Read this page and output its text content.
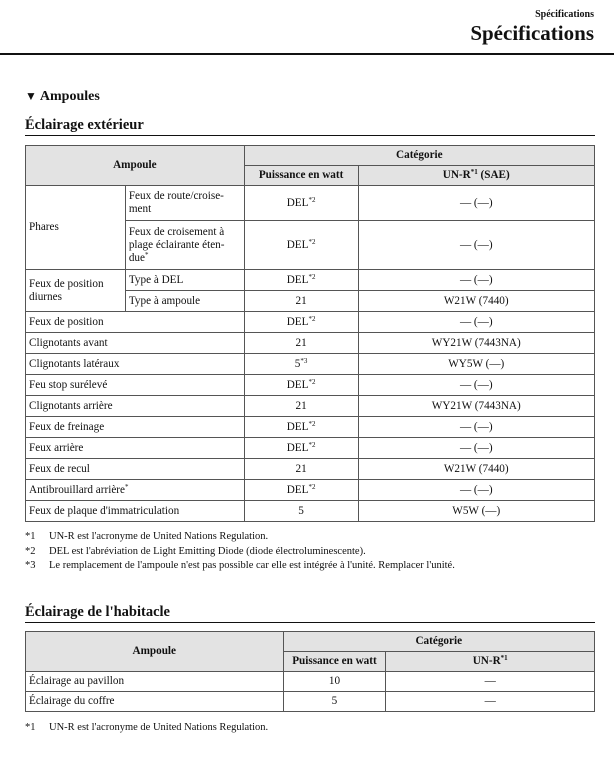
Spécifications
Spécifications
▼ Ampoules
Éclairage extérieur
Ampoule		Catégorie	
		Puissance en watt	$UN-R^{*1}$ (SAE)
Phares	Feux de route/croise-ment	DEL$^{*2}$	— (—)
	Feux de croisement à plage éclairante éten-due*	DEL$^{*2}$	— (—)
Feux de position diurnes	Type à DEL	DEL$^{*2}$	— (—)
	Type à ampoule	21	W21W (7440)
Feux de position		DEL$^{*2}$	— (—)
Clignotants avant		21	WY21W (7443NA)
Clignotants latéraux		5$^{*3}$	WY5W (—)
Feu stop surélevé		DEL$^{*2}$	— (—)
Clignotants arrière		21	WY21W (7443NA)
Feux de freinage		DEL$^{*2}$	— (—)
Feux arrière		DEL$^{*2}$	— (—)
Feux de recul		21	W21W (7440)
Antibrouillard arrière*		DEL$^{*2}$	— (—)
Feux de plaque d'immatriculation		5	W5W (—)
*1 UN-R est l'acronyme de United Nations Regulation.
*2 DEL est l'abréviation de Light Emitting Diode (diode électroluminescente).
*3 Le remplacement de l'ampoule n'est pas possible car elle est intégrée à l'unité. Remplacer l'unité.
Éclairage de l'habitacle
Ampoule	Catégorie	
	Puissance en watt	$UN-R^{*1}$
Éclairage au pavillon	10	—
Éclairage du coffre	5	—
*1 UN-R est l'acronyme de United Nations Regulation.
